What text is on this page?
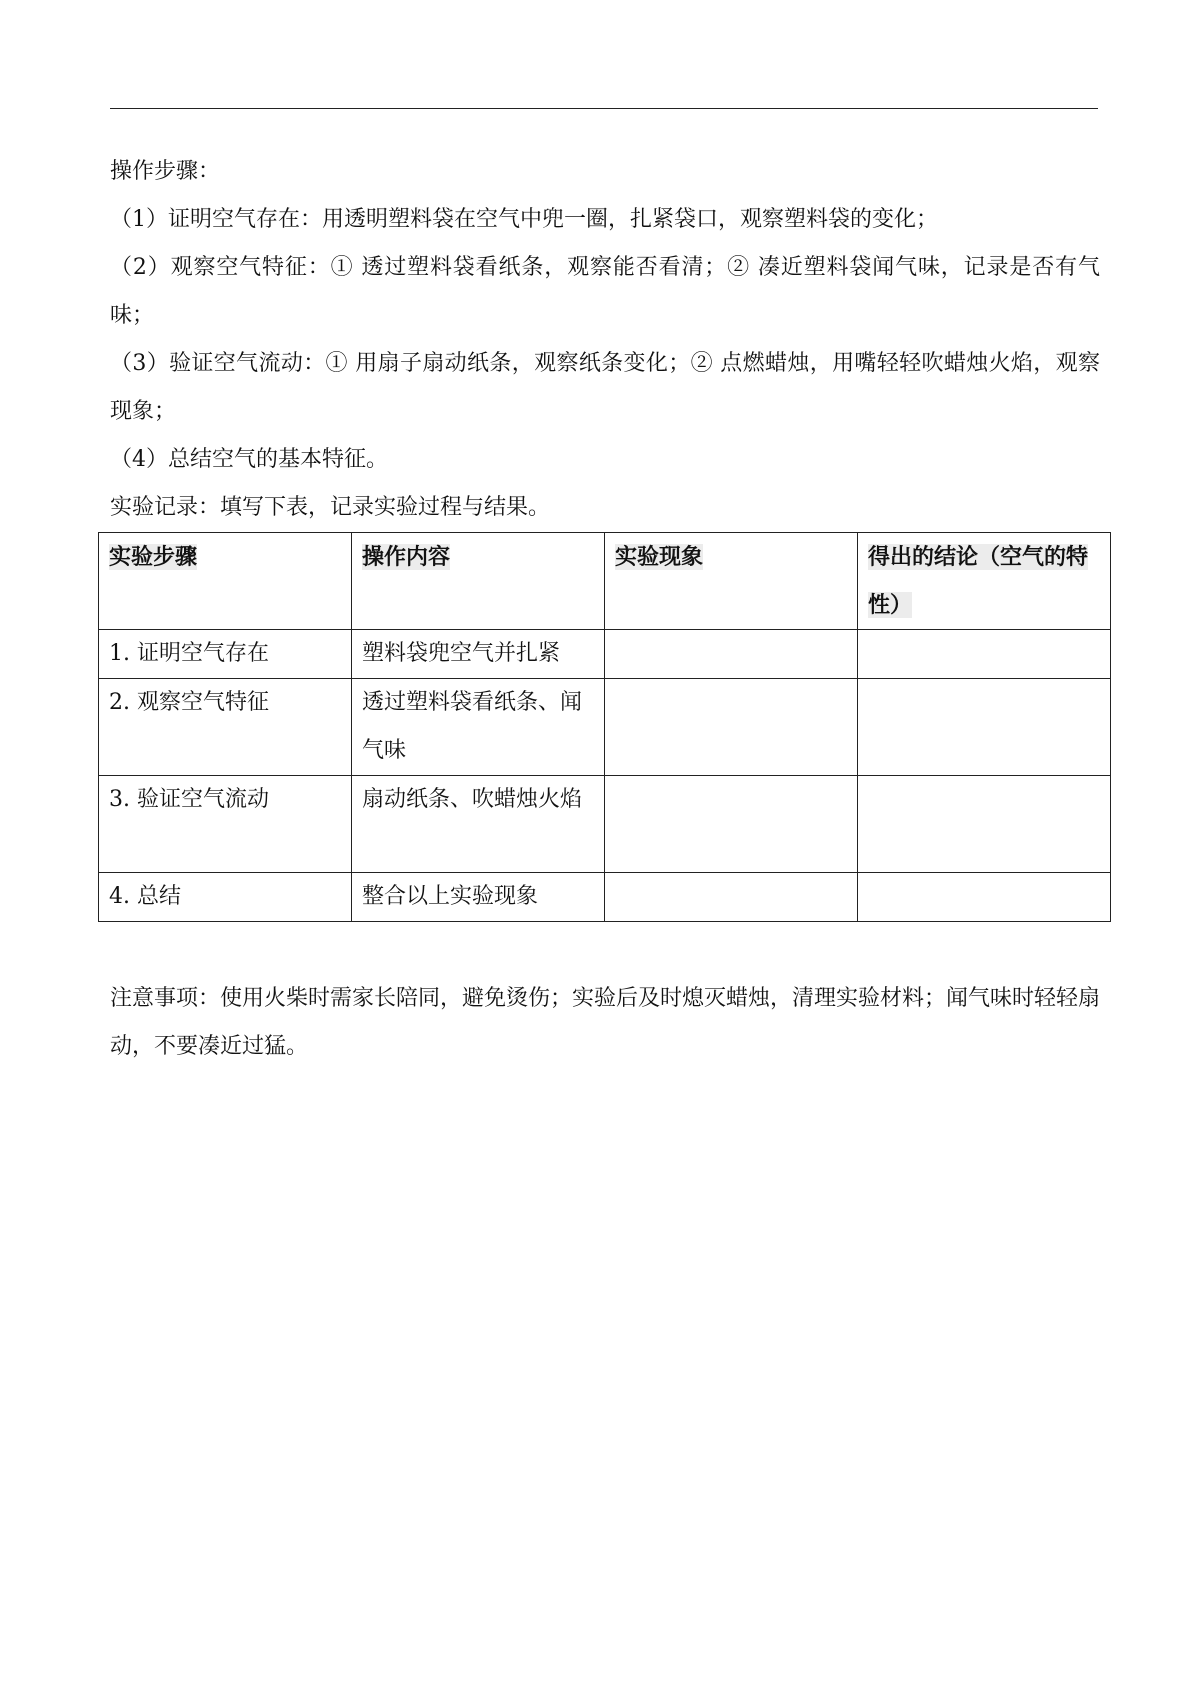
操作步骤：

（1）证明空气存在：用透明塑料袋在空气中兜一圈，扎紧袋口，观察塑料袋的变化；

（2）观察空气特征：① 透过塑料袋看纸条，观察能否看清；② 凑近塑料袋闻气味，记录是否有气味；

（3）验证空气流动：① 用扇子扇动纸条，观察纸条变化；② 点燃蜡烛，用嘴轻轻吹蜡烛火焰，观察现象；

（4）总结空气的基本特征。

实验记录：填写下表，记录实验过程与结果。

实验步骤	操作内容	实验现象	得出的结论（空气的特性）
1. 证明空气存在	塑料袋兜空气并扎紧		
2. 观察空气特征	透过塑料袋看纸条、闻气味		
3. 验证空气流动	扇动纸条、吹蜡烛火焰		
4. 总结	整合以上实验现象		

注意事项：使用火柴时需家长陪同，避免烫伤；实验后及时熄灭蜡烛，清理实验材料；闻气味时轻轻扇动，不要凑近过猛。
